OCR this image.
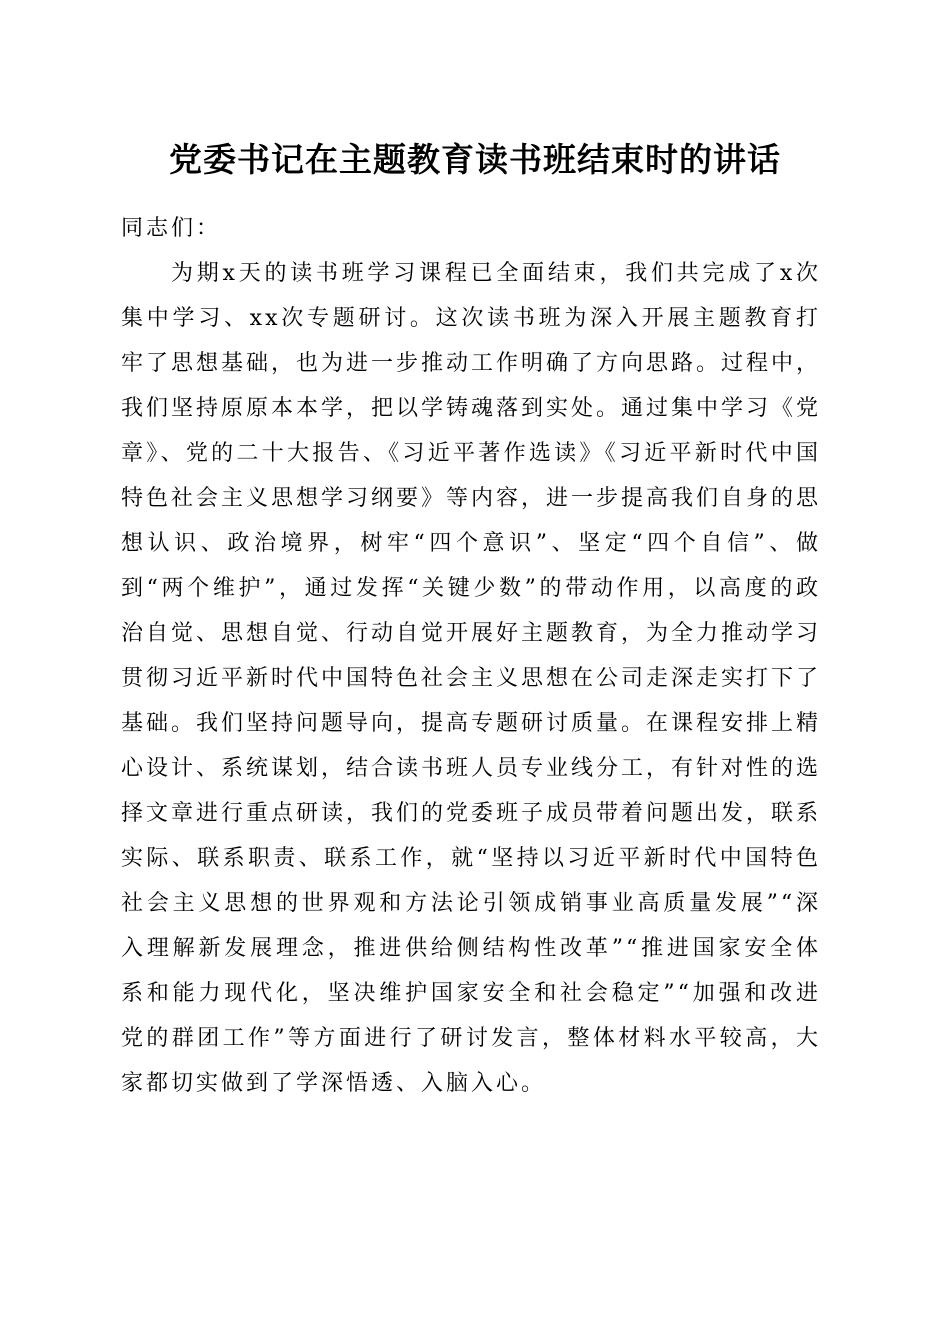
党委书记在主题教育读书班结束时的讲话

同志们：

为期x天的读书班学习课程已全面结束，我们共完成了x次集中学习、xx次专题研讨。这次读书班为深入开展主题教育打牢了思想基础，也为进一步推动工作明确了方向思路。过程中，我们坚持原原本本学，把以学铸魂落到实处。通过集中学习《党章》、党的二十大报告、《习近平著作选读》《习近平新时代中国特色社会主义思想学习纲要》等内容，进一步提高我们自身的思想认识、政治境界，树牢“四个意识”、坚定“四个自信”、做到“两个维护”，通过发挥“关键少数”的带动作用，以高度的政治自觉、思想自觉、行动自觉开展好主题教育，为全力推动学习贯彻习近平新时代中国特色社会主义思想在公司走深走实打下了基础。我们坚持问题导向，提高专题研讨质量。在课程安排上精心设计、系统谋划，结合读书班人员专业线分工，有针对性的选择文章进行重点研读，我们的党委班子成员带着问题出发，联系实际、联系职责、联系工作，就“坚持以习近平新时代中国特色社会主义思想的世界观和方法论引领成销事业高质量发展”“深入理解新发展理念，推进供给侧结构性改革”“推进国家安全体系和能力现代化，坚决维护国家安全和社会稳定”“加强和改进党的群团工作”等方面进行了研讨发言，整体材料水平较高，大家都切实做到了学深悟透、入脑入心。
